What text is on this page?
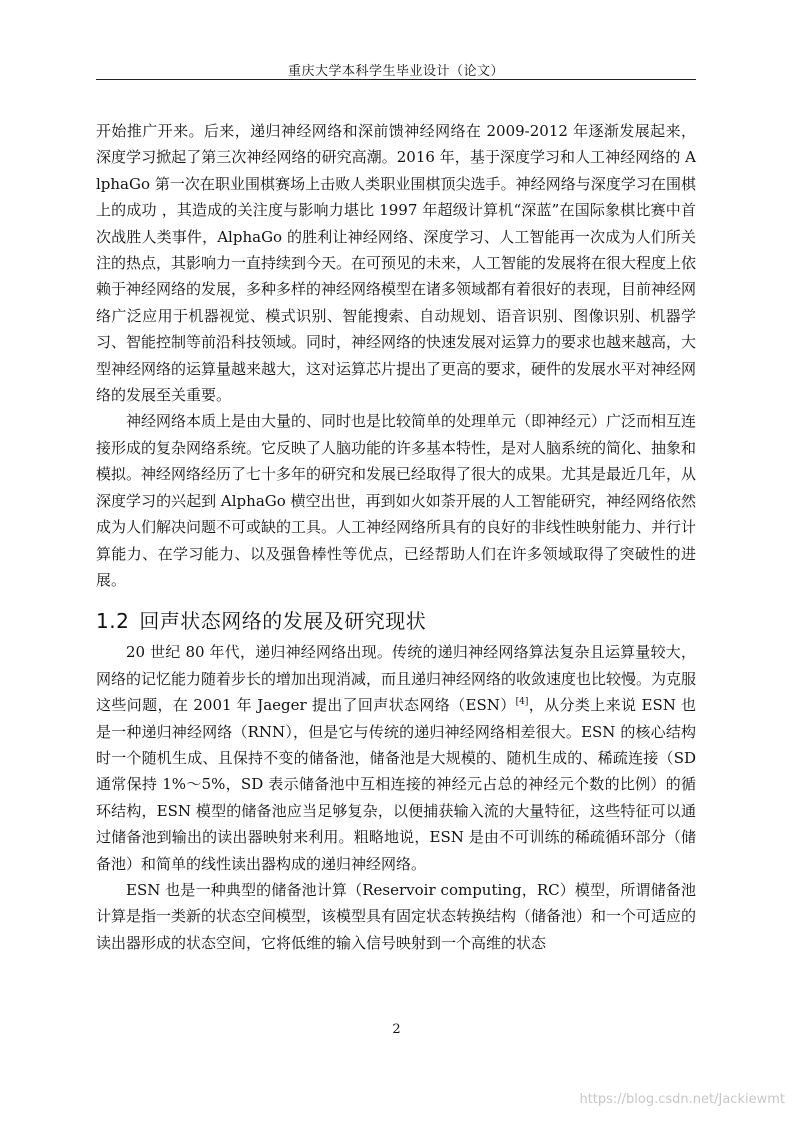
重庆大学本科学生毕业设计（论文）

开始推广开来。后来，递归神经网络和深前馈神经网络在 2009-2012 年逐渐发展起来，深度学习掀起了第三次神经网络的研究高潮。2016 年，基于深度学习和人工神经网络的 AlphaGo 第一次在职业围棋赛场上击败人类职业围棋顶尖选手。神经网络与深度学习在围棋上的成功 ，其造成的关注度与影响力堪比 1997 年超级计算机“深蓝”在国际象棋比赛中首次战胜人类事件，AlphaGo 的胜利让神经网络、深度学习、人工智能再一次成为人们所关注的热点，其影响力一直持续到今天。在可预见的未来，人工智能的发展将在很大程度上依赖于神经网络的发展，多种多样的神经网络模型在诸多领域都有着很好的表现，目前神经网络广泛应用于机器视觉、模式识别、智能搜索、自动规划、语音识别、图像识别、机器学习、智能控制等前沿科技领域。同时，神经网络的快速发展对运算力的要求也越来越高，大型神经网络的运算量越来越大，这对运算芯片提出了更高的要求，硬件的发展水平对神经网络的发展至关重要。

神经网络本质上是由大量的、同时也是比较简单的处理单元（即神经元）广泛而相互连接形成的复杂网络系统。它反映了人脑功能的许多基本特性，是对人脑系统的简化、抽象和模拟。神经网络经历了七十多年的研究和发展已经取得了很大的成果。尤其是最近几年，从深度学习的兴起到 AlphaGo 横空出世，再到如火如荼开展的人工智能研究，神经网络依然成为人们解决问题不可或缺的工具。人工神经网络所具有的良好的非线性映射能力、并行计算能力、在学习能力、以及强鲁棒性等优点，已经帮助人们在许多领域取得了突破性的进展。

1.2 回声状态网络的发展及研究现状

20 世纪 80 年代，递归神经网络出现。传统的递归神经网络算法复杂且运算量较大，网络的记忆能力随着步长的增加出现消减，而且递归神经网络的收敛速度也比较慢。为克服这些问题，在 2001 年 Jaeger 提出了回声状态网络（ESN）[4]，从分类上来说 ESN 也是一种递归神经网络（RNN），但是它与传统的递归神经网络相差很大。ESN 的核心结构时一个随机生成、且保持不变的储备池，储备池是大规模的、随机生成的、稀疏连接（SD 通常保持 1%～5%，SD 表示储备池中互相连接的神经元占总的神经元个数的比例）的循环结构，ESN 模型的储备池应当足够复杂，以便捕获输入流的大量特征，这些特征可以通过储备池到输出的读出器映射来利用。粗略地说，ESN 是由不可训练的稀疏循环部分（储备池）和简单的线性读出器构成的递归神经网络。

ESN 也是一种典型的储备池计算（Reservoir computing，RC）模型，所谓储备池计算是指一类新的状态空间模型，该模型具有固定状态转换结构（储备池）和一个可适应的读出器形成的状态空间，它将低维的输入信号映射到一个高维的状态

2
https://blog.csdn.net/Jackiewmt
